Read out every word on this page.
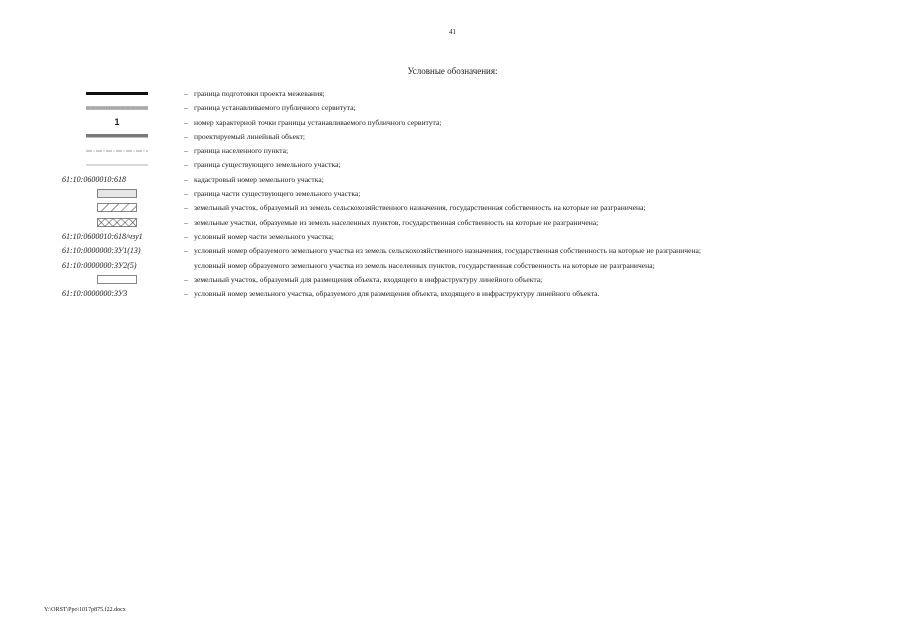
41
Условные обозначения:
– граница подготовки проекта межевания;
– граница устанавливаемого публичного сервитута;
1	– номер характерной точки границы устанавливаемого публичного сервитута;
– проектируемый линейный объект;
– граница населенного пункта;
– граница существующего земельного участка;
61:10:0600010:618	– кадастровый номер земельного участка;
– граница части существующего земельного участка;
– земельный участок, образуемый из земель сельскохозяйственного назначения, государственная собственность на которые не разграничена;
– земельные участки, образуемые из земель населенных пунктов, государственная собственность на которые не разграничена;
61:10:0600010:618/чзу1	– условный номер части земельного участка;
61:10:0000000:ЗУ1(13)	– условный номер образуемого земельного участка из земель сельскохозяйственного назначения, государственная собственность на которые не разграничена;
61:10:0000000:ЗУ2(5)	условный номер образуемого земельного участка из земель населенных пунктов, государственная собственность на которые не разграничена;
– земельный участок, образуемый для размещения объекта, входящего в инфраструктуру линейного объекта;
61:10:0000000:ЗУ3	– условный номер земельного участка, образуемого для размещения объекта, входящего в инфраструктуру линейного объекта.
Y:\ORST\Ppo\1017p875.f22.docx
